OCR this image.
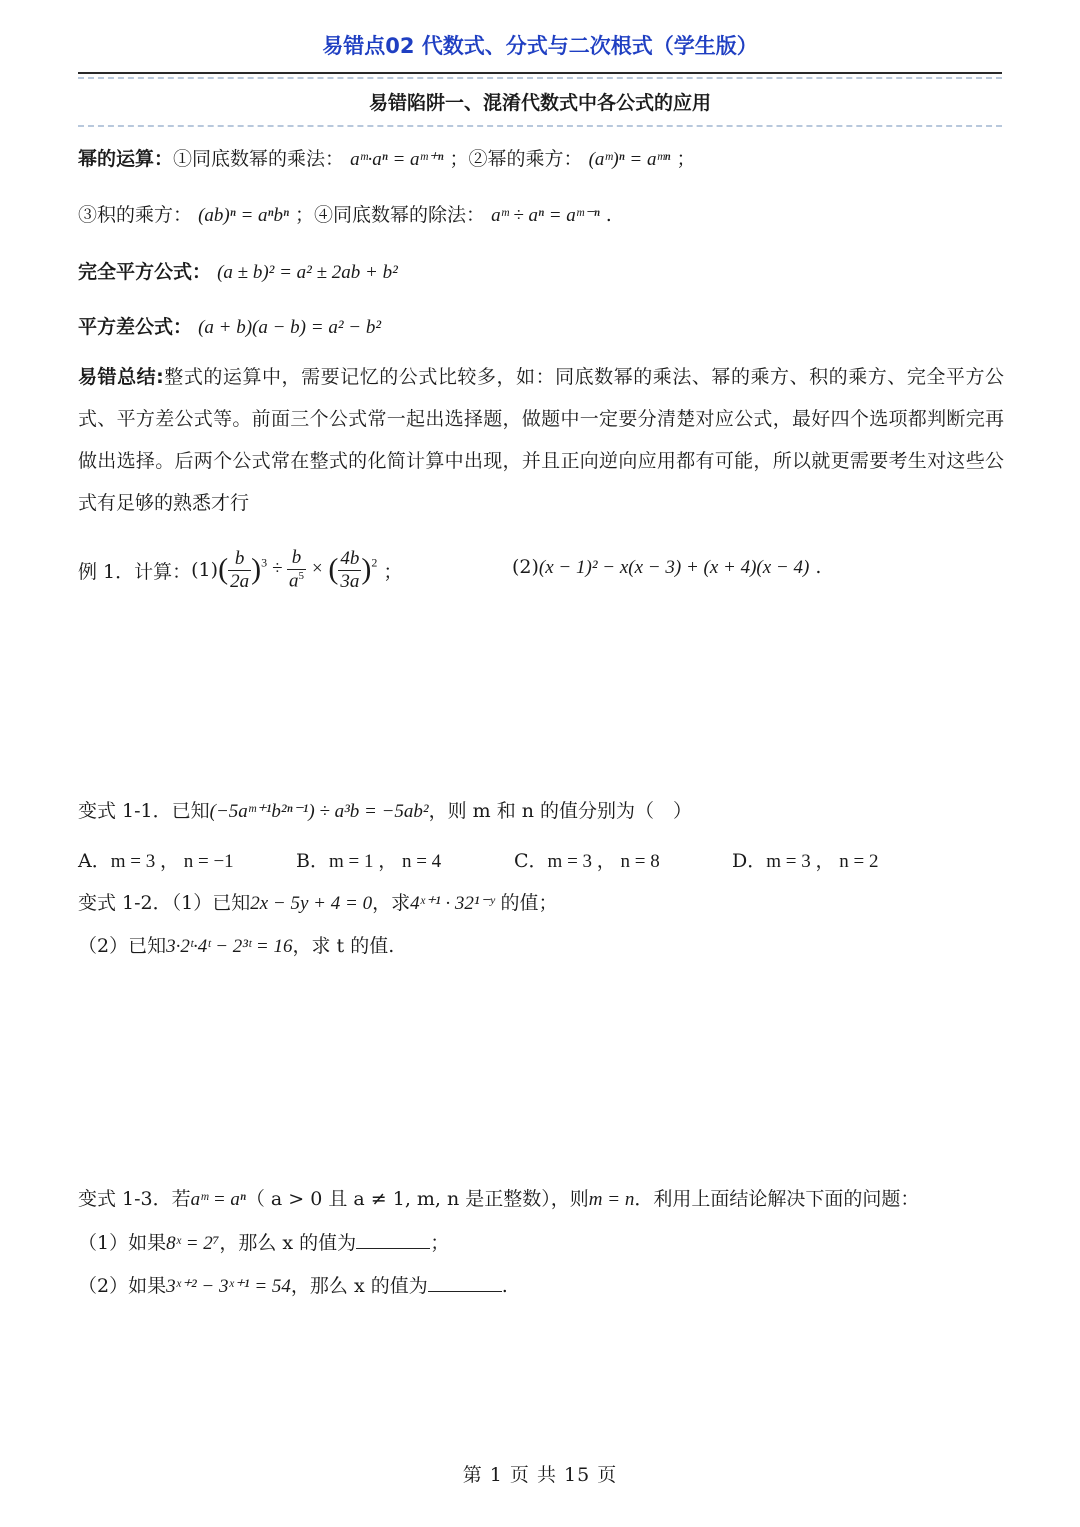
易错点02 代数式、分式与二次根式（学生版）
易错陷阱一、混淆代数式中各公式的应用
幂的运算：①同底数幂的乘法： aᵐ·aⁿ = aᵐ⁺ⁿ ；②幂的乘方： (aᵐ)ⁿ = aᵐⁿ ；
③积的乘方： (ab)ⁿ = aⁿbⁿ ；④同底数幂的除法： aᵐ ÷ aⁿ = aᵐ⁻ⁿ .
完全平方公式： (a ± b)² = a² ± 2ab + b²
平方差公式： (a + b)(a − b) = a² − b²
易错总结:整式的运算中，需要记忆的公式比较多，如：同底数幂的乘法、幂的乘方、积的乘方、完全平方公式、平方差公式等。前面三个公式常一起出选择题，做题中一定要分清楚对应公式，最好四个选项都判断完再做出选择。后两个公式常在整式的化简计算中出现，并且正向逆向应用都有可能，所以就更需要考生对这些公式有足够的熟悉才行
例 1．计算： (1) ( $\frac{b}{2a} )^3 \div \frac{b}{a^5}$ × ( $\frac{4b}{3a} )^2$ ；	(2)(x − 1)² − x(x − 3) + (x + 4)(x − 4) .
变式 1-1．已知(−5aᵐ⁺¹b²ⁿ⁻¹) ÷ a³b = −5ab²，则 m 和 n 的值分别为（　）
A．m = 3 ， n = −1	B．m = 1 ， n = 4	C．m = 3 ， n = 8	D．m = 3 ， n = 2
变式 1-2．（1）已知2x − 5y + 4 = 0，求4ˣ⁺¹ · 32¹⁻ʸ 的值；
（2）已知3·2ᵗ·4ᵗ − 2³ᵗ = 16，求 t 的值.
变式 1-3．若aᵐ = aⁿ（ a > 0 且 a ≠ 1, m, n 是正整数），则m = n．利用上面结论解决下面的问题：
（1）如果8ˣ = 2⁷，那么 x 的值为	；
（2）如果3ˣ⁺² − 3ˣ⁺¹ = 54，那么 x 的值为	.
第 1 页 共 15 页
